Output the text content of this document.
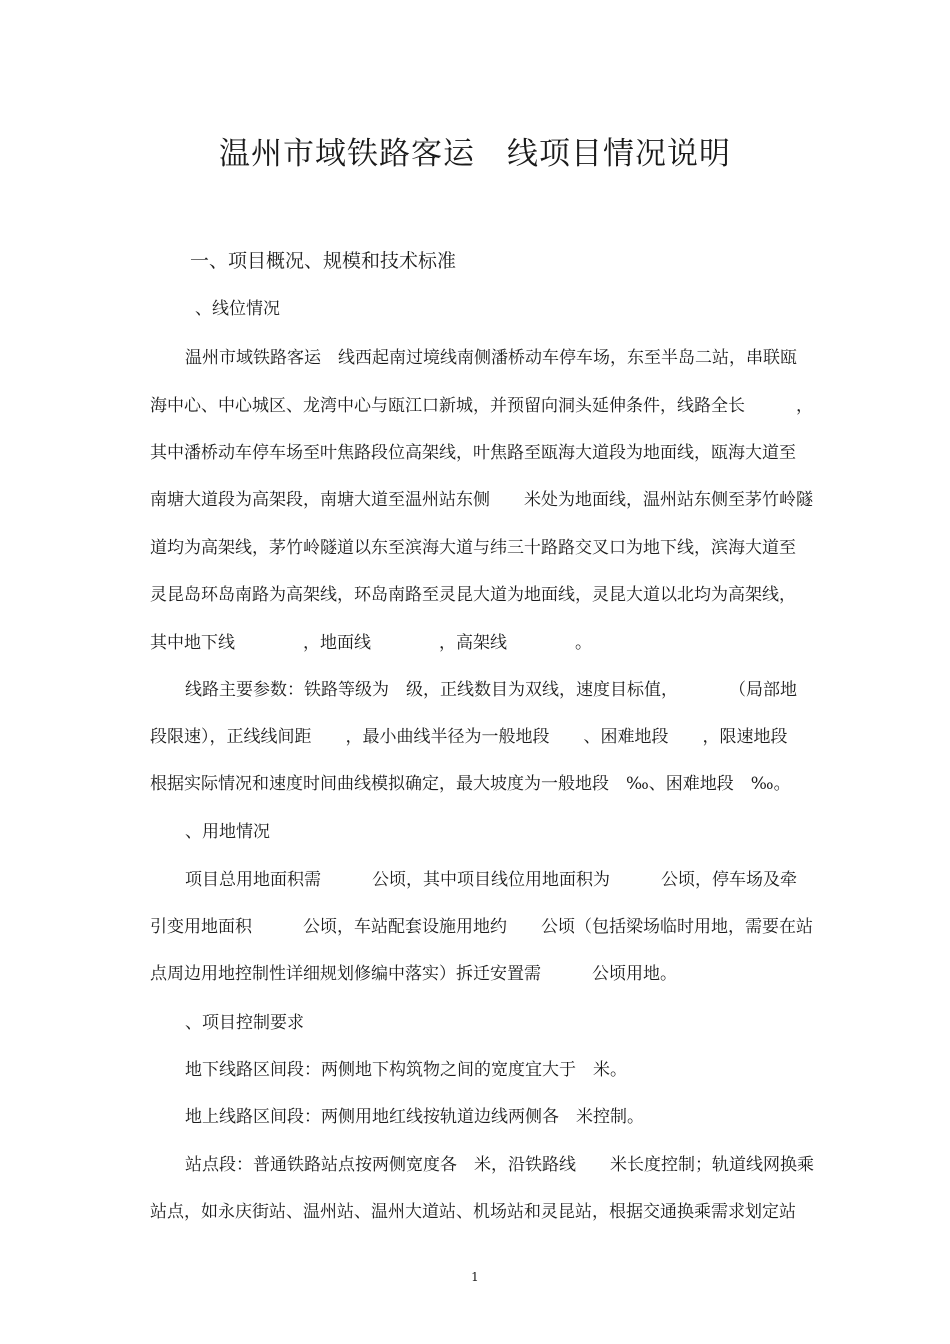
温州市域铁路客运　线项目情况说明
一、项目概况、规模和技术标准
、线位情况
温州市域铁路客运　线西起南过境线南侧潘桥动车停车场，东至半岛二站，串联瓯
海中心、中心城区、龙湾中心与瓯江口新城，并预留向洞头延伸条件，线路全长　　　，
其中潘桥动车停车场至叶焦路段位高架线，叶焦路至瓯海大道段为地面线，瓯海大道至
南塘大道段为高架段，南塘大道至温州站东侧　　米处为地面线，温州站东侧至茅竹岭隧
道均为高架线，茅竹岭隧道以东至滨海大道与纬三十路路交叉口为地下线，滨海大道至
灵昆岛环岛南路为高架线，环岛南路至灵昆大道为地面线，灵昆大道以北均为高架线，
其中地下线　　　　，地面线　　　　，高架线　　　　。
线路主要参数：铁路等级为　级，正线数目为双线，速度目标值，　　　　（局部地
段限速），正线线间距　　，最小曲线半径为一般地段　　、困难地段　　，限速地段
根据实际情况和速度时间曲线模拟确定，最大坡度为一般地段　‰、困难地段　‰。
、用地情况
项目总用地面积需　　　公顷，其中项目线位用地面积为　　　公顷，停车场及牵
引变用地面积　　　公顷，车站配套设施用地约　　公顷（包括梁场临时用地，需要在站
点周边用地控制性详细规划修编中落实）拆迁安置需　　　公顷用地。
、项目控制要求
地下线路区间段：两侧地下构筑物之间的宽度宜大于　米。
地上线路区间段：两侧用地红线按轨道边线两侧各　米控制。
站点段：普通铁路站点按两侧宽度各　米，沿铁路线　　米长度控制；轨道线网换乘
站点，如永庆街站、温州站、温州大道站、机场站和灵昆站，根据交通换乘需求划定站
1
